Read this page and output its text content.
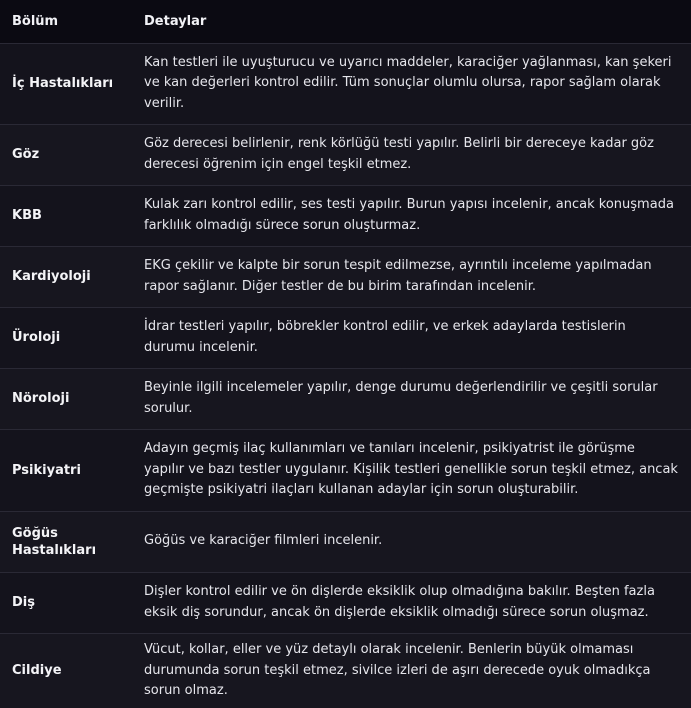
Bölüm	Detaylar
İç Hastalıkları	Kan testleri ile uyuşturucu ve uyarıcı maddeler, karaciğer yağlanması, kan şekeri ve kan değerleri kontrol edilir. Tüm sonuçlar olumlu olursa, rapor sağlam olarak verilir.
Göz	Göz derecesi belirlenir, renk körlüğü testi yapılır. Belirli bir dereceye kadar göz derecesi öğrenim için engel teşkil etmez.
KBB	Kulak zarı kontrol edilir, ses testi yapılır. Burun yapısı incelenir, ancak konuşmada farklılık olmadığı sürece sorun oluşturmaz.
Kardiyoloji	EKG çekilir ve kalpte bir sorun tespit edilmezse, ayrıntılı inceleme yapılmadan rapor sağlanır. Diğer testler de bu birim tarafından incelenir.
Üroloji	İdrar testleri yapılır, böbrekler kontrol edilir, ve erkek adaylarda testislerin durumu incelenir.
Nöroloji	Beyinle ilgili incelemeler yapılır, denge durumu değerlendirilir ve çeşitli sorular sorulur.
Psikiyatri	Adayın geçmiş ilaç kullanımları ve tanıları incelenir, psikiyatrist ile görüşme yapılır ve bazı testler uygulanır. Kişilik testleri genellikle sorun teşkil etmez, ancak geçmişte psikiyatri ilaçları kullanan adaylar için sorun oluşturabilir.
Göğüs Hastalıkları	Göğüs ve karaciğer filmleri incelenir.
Diş	Dişler kontrol edilir ve ön dişlerde eksiklik olup olmadığına bakılır. Beşten fazla eksik diş sorundur, ancak ön dişlerde eksiklik olmadığı sürece sorun oluşmaz.
Cildiye	Vücut, kollar, eller ve yüz detaylı olarak incelenir. Benlerin büyük olmaması durumunda sorun teşkil etmez, sivilce izleri de aşırı derecede oyuk olmadıkça sorun olmaz.
